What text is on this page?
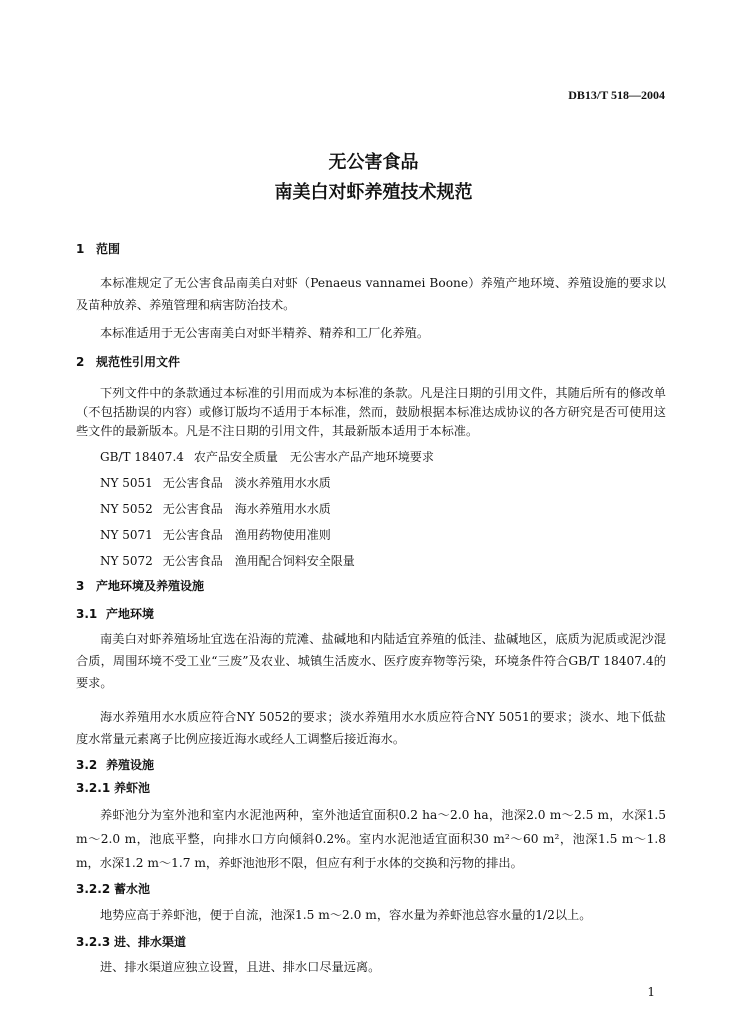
DB13/T 518—2004
无公害食品
南美白对虾养殖技术规范
1 范围
本标准规定了无公害食品南美白对虾（Penaeus vannamei Boone）养殖产地环境、养殖设施的要求以及苗种放养、养殖管理和病害防治技术。
本标准适用于无公害南美白对虾半精养、精养和工厂化养殖。
2 规范性引用文件
下列文件中的条款通过本标准的引用而成为本标准的条款。凡是注日期的引用文件，其随后所有的修改单（不包括勘误的内容）或修订版均不适用于本标准，然而，鼓励根据本标准达成协议的各方研究是否可使用这些文件的最新版本。凡是不注日期的引用文件，其最新版本适用于本标准。
GB/T 18407.4 农产品安全质量　无公害水产品产地环境要求
NY 5051 无公害食品　淡水养殖用水水质
NY 5052 无公害食品　海水养殖用水水质
NY 5071 无公害食品　渔用药物使用准则
NY 5072 无公害食品　渔用配合饲料安全限量
3 产地环境及养殖设施
3.1 产地环境
南美白对虾养殖场址宜选在沿海的荒滩、盐碱地和内陆适宜养殖的低洼、盐碱地区，底质为泥质或泥沙混合质，周围环境不受工业“三废”及农业、城镇生活废水、医疗废弃物等污染，环境条件符合GB/T 18407.4的要求。
海水养殖用水水质应符合NY 5052的要求；淡水养殖用水水质应符合NY 5051的要求；淡水、地下低盐度水常量元素离子比例应接近海水或经人工调整后接近海水。
3.2 养殖设施
3.2.1 养虾池
养虾池分为室外池和室内水泥池两种，室外池适宜面积0.2 ha～2.0 ha，池深2.0 m～2.5 m，水深1.5 m～2.0 m，池底平整，向排水口方向倾斜0.2%。室内水泥池适宜面积30 m²～60 m²，池深1.5 m～1.8 m，水深1.2 m～1.7 m，养虾池池形不限，但应有利于水体的交换和污物的排出。
3.2.2 蓄水池
地势应高于养虾池，便于自流，池深1.5 m～2.0 m，容水量为养虾池总容水量的1/2以上。
3.2.3 进、排水渠道
进、排水渠道应独立设置，且进、排水口尽量远离。
1
